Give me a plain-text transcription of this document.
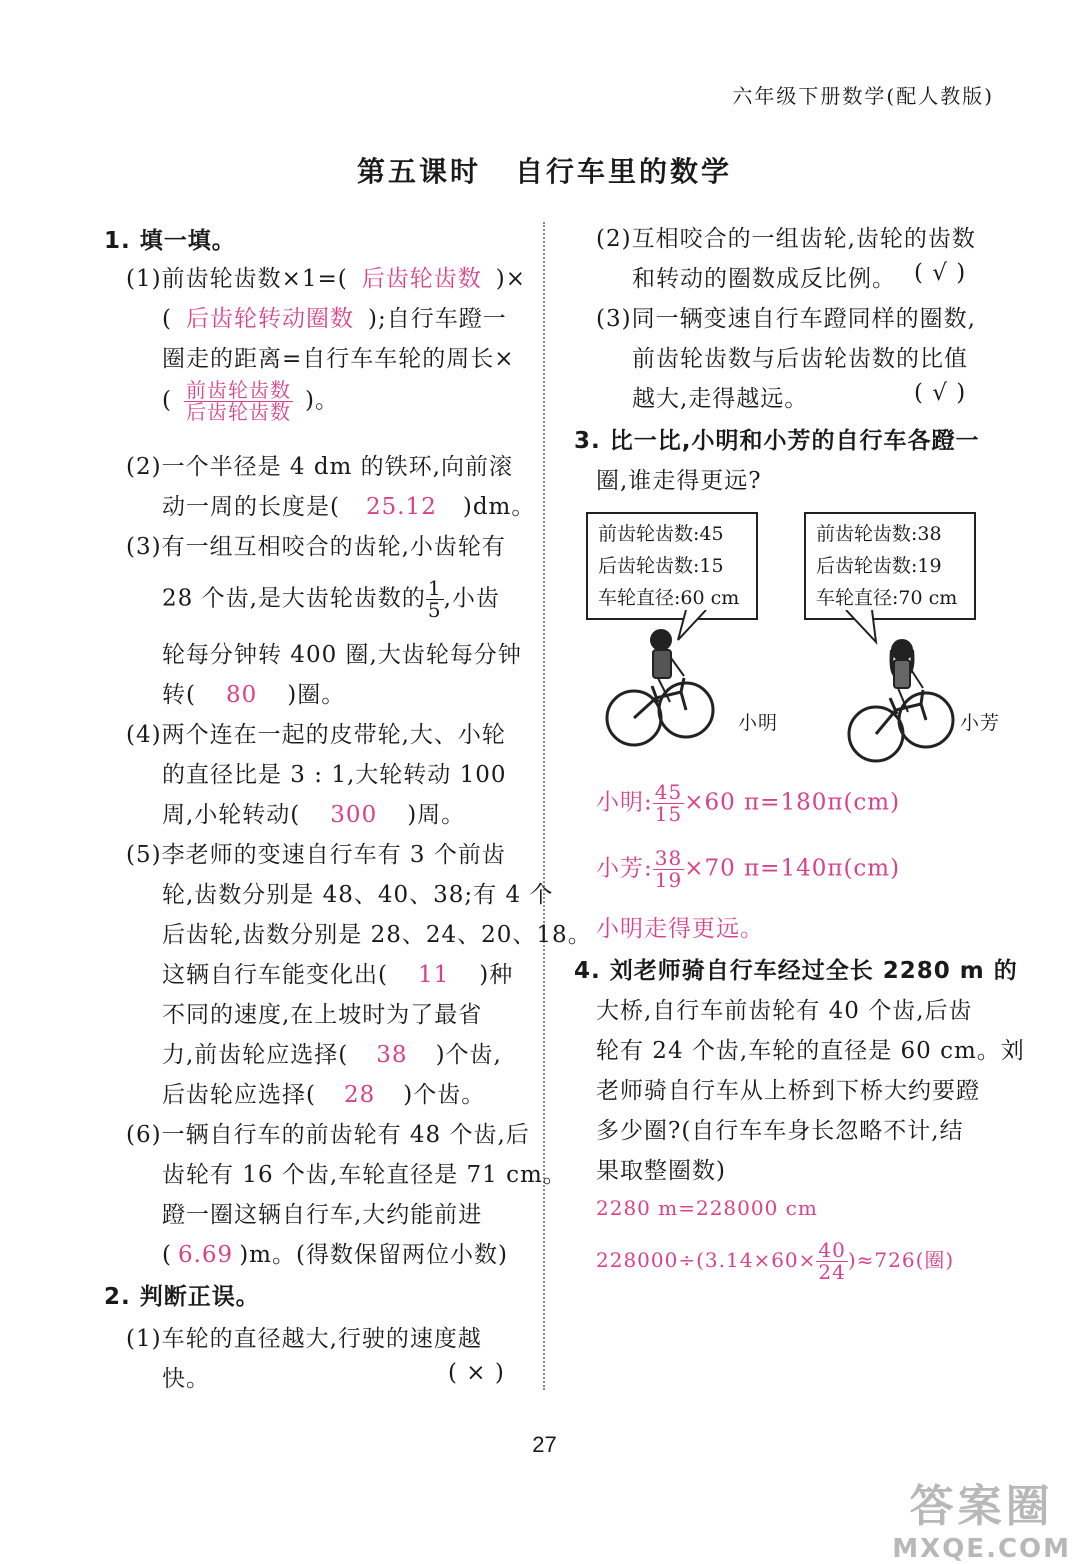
六年级下册数学(配人教版)
第五课时 自行车里的数学
1. 填一填。
(1)前齿轮齿数×1=( 后齿轮齿数 )×
( 后齿轮转动圈数 );自行车蹬一
圈走的距离=自行车车轮的周长×
( $\frac{\text{前齿轮齿数}}{\text{后齿轮齿数}}$ )。
(2)一个半径是 4 dm 的铁环,向前滚
动一周的长度是( 25.12 )dm。
(3)有一组互相咬合的齿轮,小齿轮有
28 个齿,是大齿轮齿数的 $\frac{1}{5}$ ,小齿
轮每分钟转 400 圈,大齿轮每分钟
转( 80 )圈。
(4)两个连在一起的皮带轮,大、小轮
的直径比是 3 : 1,大轮转动 100
周,小轮转动( 300 )周。
(5)李老师的变速自行车有 3 个前齿
轮,齿数分别是 48、40、38;有 4 个
后齿轮,齿数分别是 28、24、20、18。
这辆自行车能变化出( 11 )种
不同的速度,在上坡时为了最省
力,前齿轮应选择( 38 )个齿,
后齿轮应选择( 28 )个齿。
(6)一辆自行车的前齿轮有 48 个齿,后
齿轮有 16 个齿,车轮直径是 71 cm。
蹬一圈这辆自行车,大约能前进
( 6.69 )m。(得数保留两位小数)
2. 判断正误。
(1)车轮的直径越大,行驶的速度越
快。	( × )
(2)互相咬合的一组齿轮,齿轮的齿数
和转动的圈数成反比例。 ( √ )
(3)同一辆变速自行车蹬同样的圈数,
前齿轮齿数与后齿轮齿数的比值
越大,走得越远。	( √ )
3. 比一比,小明和小芳的自行车各蹬一
圈,谁走得更远?
前齿轮齿数:45
后齿轮齿数:15
车轮直径:60 cm
前齿轮齿数:38
后齿轮齿数:19
车轮直径:70 cm
小明	小芳
小明: $\frac{45}{15} \times 60$ π=180π(cm)
小芳: $\frac{38}{19} \times 70$ π=140π(cm)
小明走得更远。
4. 刘老师骑自行车经过全长 2280 m 的
大桥,自行车前齿轮有 40 个齿,后齿
轮有 24 个齿,车轮的直径是 60 cm。刘
老师骑自行车从上桥到下桥大约要蹬
多少圈?(自行车车身长忽略不计,结
果取整圈数)
2280 m=228000 cm
$228000\div(3.14\times 60\times \frac{40}{24} )\approx 726$(圈)
27
答案圈
MXQE.COM
